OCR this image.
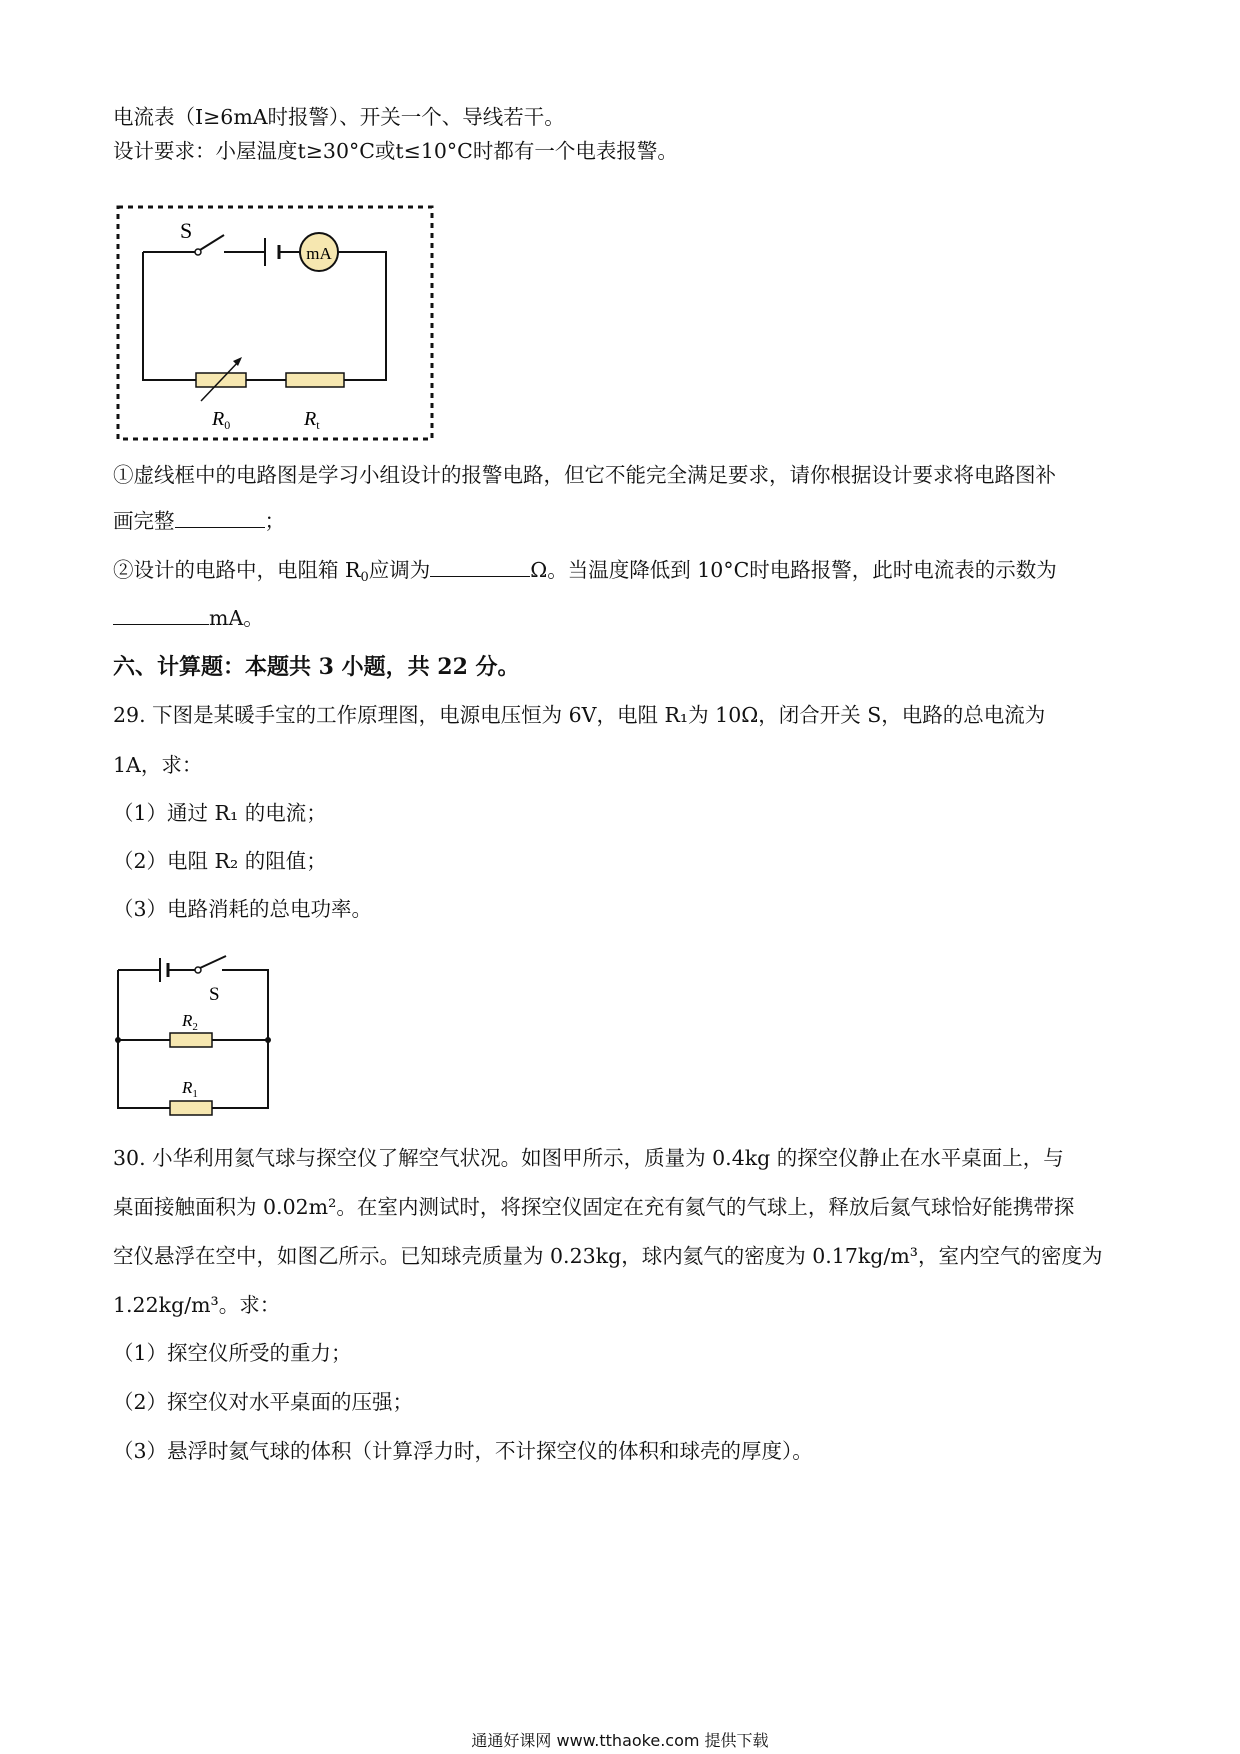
电流表（I≥6mA时报警）、开关一个、导线若干。
设计要求：小屋温度t≥30°C或t≤10°C时都有一个电表报警。
S
mA
$R_0$	$R_t$
①虚线框中的电路图是学习小组设计的报警电路，但它不能完全满足要求，请你根据设计要求将电路图补
画完整	；
②设计的电路中，电阻箱 $R_0$应调为	Ω。当温度降低到 10°C时电路报警，此时电流表的示数为
mA。
六、计算题：本题共 3 小题，共 22 分。
29. 下图是某暖手宝的工作原理图，电源电压恒为 6V，电阻 R₁为 10Ω，闭合开关 S，电路的总电流为
1A，求：
（1）通过 R₁ 的电流；
（2）电阻 R₂ 的阻值；
（3）电路消耗的总电功率。
S
$R_2$
$R_1$
30. 小华利用氦气球与探空仪了解空气状况。如图甲所示，质量为 0.4kg 的探空仪静止在水平桌面上，与
桌面接触面积为 0.02m²。在室内测试时，将探空仪固定在充有氦气的气球上，释放后氦气球恰好能携带探
空仪悬浮在空中，如图乙所示。已知球壳质量为 0.23kg，球内氦气的密度为 0.17kg/m³，室内空气的密度为
1.22kg/m³。求：
（1）探空仪所受的重力；
（2）探空仪对水平桌面的压强；
（3）悬浮时氦气球的体积（计算浮力时，不计探空仪的体积和球壳的厚度）。
通通好课网 www.tthaoke.com 提供下载
